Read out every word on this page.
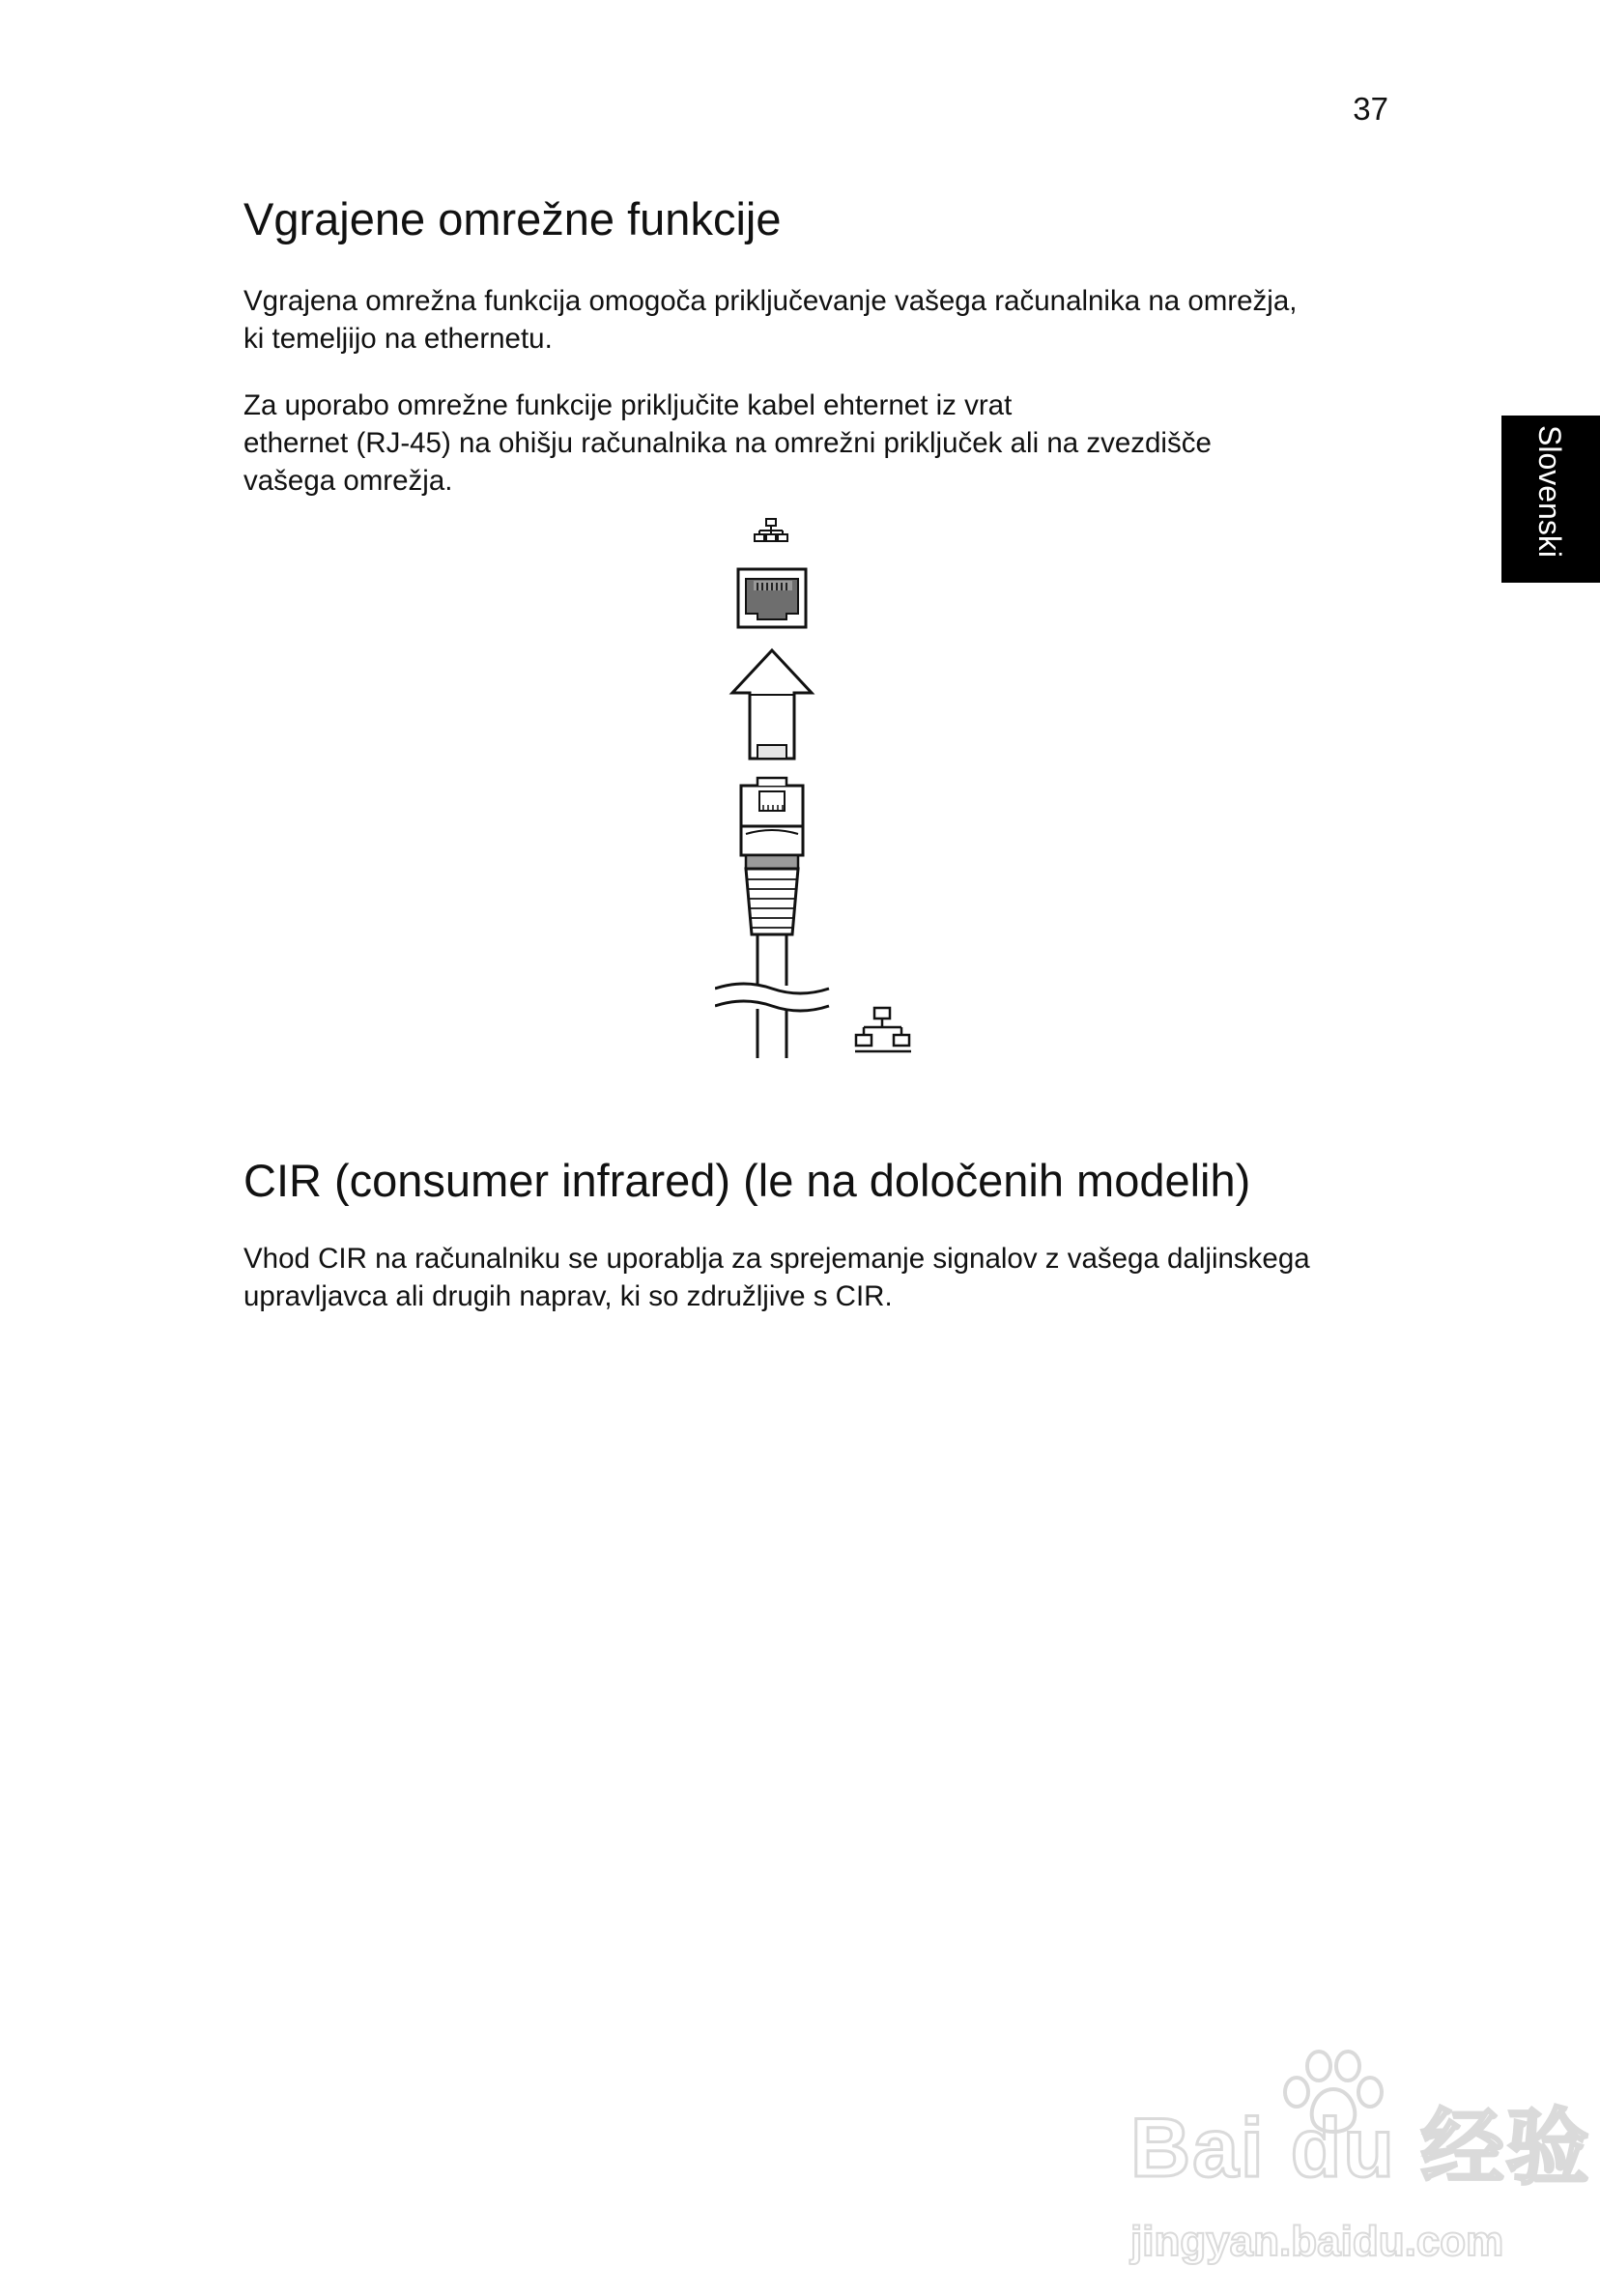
37
Slovenski
Vgrajene omrežne funkcije

Vgrajena omrežna funkcija omogoča priključevanje vašega računalnika na omrežja,
ki temeljijo na ethernetu.

Za uporabo omrežne funkcije priključite kabel ehternet iz vrat
ethernet (RJ-45) na ohišju računalnika na omrežni priključek ali na zvezdišče
vašega omrežja.

CIR (consumer infrared) (le na določenih modelih)

Vhod CIR na računalniku se uporablja za sprejemanje signalov z vašega daljinskega
upravljavca ali drugih naprav, ki so združljive s CIR.

Bai du 经验
jingyan.baidu.com
